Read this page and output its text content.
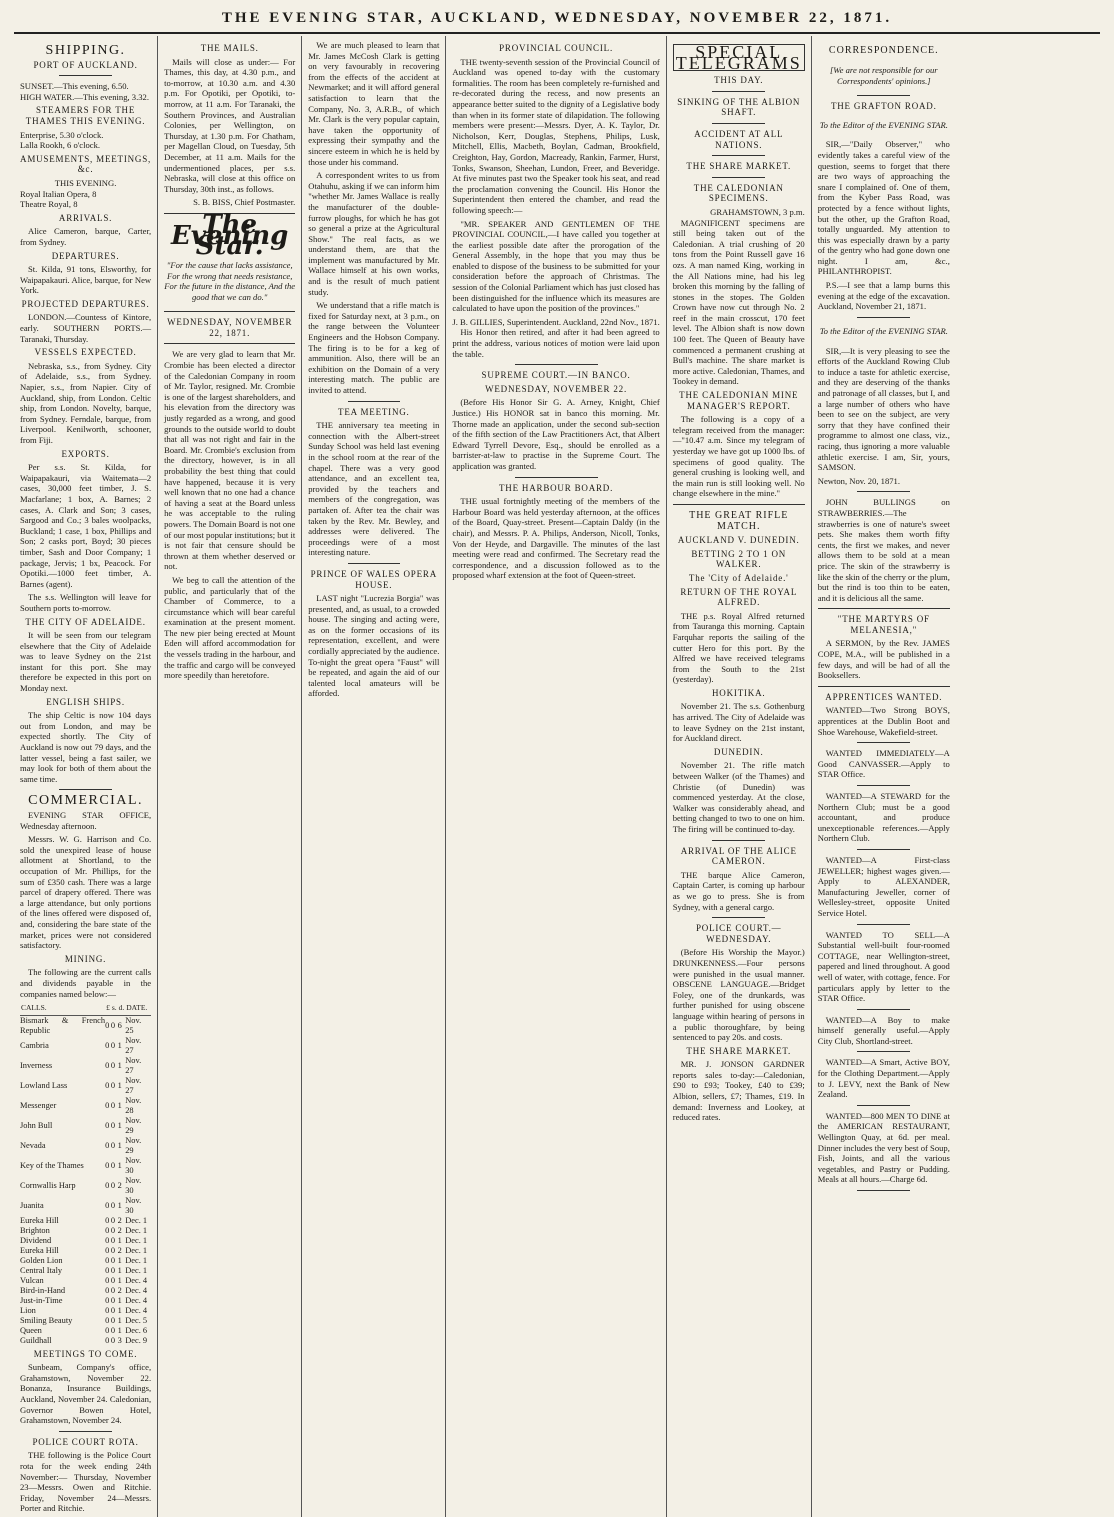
THE EVENING STAR, AUCKLAND, WEDNESDAY, NOVEMBER 22, 1871.
SHIPPING.
PORT OF AUCKLAND.

SUNSET.—This evening, 6.50.

HIGH WATER.—This evening, 3.32.

STEAMERS FOR THE THAMES THIS EVENING.

Enterprise, 5.30 o'clock.

Lalla Rookh, 6 o'clock.

AMUSEMENTS, MEETINGS, &c.

THIS EVENING.

Royal Italian Opera, 8

Theatre Royal, 8

ARRIVALS.

Alice Cameron, barque, Carter, from Sydney.

DEPARTURES.

St. Kilda, 91 tons, Elsworthy, for Waipapakauri. Alice, barque, for New York.

PROJECTED DEPARTURES.

LONDON.—Countess of Kintore, early. SOUTHERN PORTS.—Taranaki, Thursday.

VESSELS EXPECTED.

Nebraska, s.s., from Sydney. City of Adelaide, s.s., from Sydney. Napier, s.s., from Napier. City of Auckland, ship, from London. Celtic ship, from London. Novelty, barque, from Sydney. Ferndale, barque, from Liverpool. Kenilworth, schooner, from Fiji.

EXPORTS.

Per s.s. St. Kilda, for Waipapakauri, via Waitemata—2 cases, 30,000 feet timber, J. S. Macfarlane; 1 box, A. Barnes; 2 cases, A. Clark and Son; 3 cases, Sargood and Co.; 3 bales woolpacks, Buckland; 1 case, 1 box, Phillips and Son; 2 casks port, Boyd; 30 pieces timber, Sash and Door Company; 1 package, Jervis; 1 bx, Peacock. For Opotiki.—1000 feet timber, A. Barnes (agent).

The s.s. Wellington will leave for Southern ports to-morrow.

THE CITY OF ADELAIDE.

It will be seen from our telegram elsewhere that the City of Adelaide was to leave Sydney on the 21st instant for this port. She may therefore be expected in this port on Monday next.

ENGLISH SHIPS.

The ship Celtic is now 104 days out from London, and may be expected shortly. The City of Auckland is now out 79 days, and the latter vessel, being a fast sailer, we may look for both of them about the same time.

COMMERCIAL.

EVENING STAR OFFICE, Wednesday afternoon.

Messrs. W. G. Harrison and Co. sold the unexpired lease of house allotment at Shortland, to the occupation of Mr. Phillips, for the sum of £350 cash. There was a large parcel of drapery offered. There was a large attendance, but only portions of the lines offered were disposed of, and, considering the bare state of the market, prices were not considered satisfactory.

MINING.

The following are the current calls and dividends payable in the companies named below:—

CALLS.	£	s.	d.	DATE.
Bismark & French Republic	0	0	6	Nov. 25
Cambria	0	0	1	Nov. 27
Inverness	0	0	1	Nov. 27
Lowland Lass	0	0	1	Nov. 27
Messenger	0	0	1	Nov. 28
John Bull	0	0	1	Nov. 29
Nevada	0	0	1	Nov. 29
Key of the Thames	0	0	1	Nov. 30
Cornwallis Harp	0	0	2	Nov. 30
Juanita	0	0	1	Nov. 30
Eureka Hill	0	0	2	Dec. 1
Brighton	0	0	2	Dec. 1
Dividend	0	0	1	Dec. 1
Eureka Hill	0	0	2	Dec. 1
Golden Lion	0	0	1	Dec. 1
Central Italy	0	0	1	Dec. 1
Vulcan	0	0	1	Dec. 4
Bird-in-Hand	0	0	2	Dec. 4
Just-in-Time	0	0	1	Dec. 4
Lion	0	0	1	Dec. 4
Smiling Beauty	0	0	1	Dec. 5
Queen	0	0	1	Dec. 6
Guildhall	0	0	3	Dec. 9
MEETINGS TO COME.

Sunbeam, Company's office, Grahamstown, November 22. Bonanza, Insurance Buildings, Auckland, November 24. Caledonian, Governor Bowen Hotel, Grahamstown, November 24.

POLICE COURT ROTA.

THE following is the Police Court rota for the week ending 24th November:— Thursday, November 23—Messrs. Owen and Ritchie. Friday, November 24—Messrs. Porter and Ritchie.

THE MAILS.

Mails will close as under:— For Thames, this day, at 4.30 p.m., and to-morrow, at 10.30 a.m. and 4.30 p.m. For Opotiki, per Opotiki, to-morrow, at 11 a.m. For Taranaki, the Southern Provinces, and Australian Colonies, per Wellington, on Thursday, at 1.30 p.m. For Chatham, per Magellan Cloud, on Tuesday, 5th December, at 11 a.m. Mails for the undermentioned places, per s.s. Nebraska, will close at this office on Thursday, 30th inst., as follows.

S. B. BISS, Chief Postmaster.

The Evening Star.

"For the cause that lacks assistance, For the wrong that needs resistance, For the future in the distance, And the good that we can do."

WEDNESDAY, NOVEMBER 22, 1871.

We are very glad to learn that Mr. Crombie has been elected a director of the Caledonian Company in room of Mr. Taylor, resigned. Mr. Crombie is one of the largest shareholders, and his elevation from the directory was justly regarded as a wrong, and good grounds to the outside world to doubt that all was not right and fair in the Board. Mr. Crombie's exclusion from the directory, however, is in all probability the best thing that could have happened, because it is very well known that no one had a chance of having a seat at the Board unless he was acceptable to the ruling powers. The Domain Board is not one of our most popular institutions; but it is not fair that censure should be thrown at them whether deserved or not.

We beg to call the attention of the public, and particularly that of the Chamber of Commerce, to a circumstance which will bear careful examination at the present moment. The new pier being erected at Mount Eden will afford accommodation for the vessels trading in the harbour, and the traffic and cargo will be conveyed more speedily than heretofore.

We are much pleased to learn that Mr. James McCosh Clark is getting on very favourably in recovering from the effects of the accident at Newmarket; and it will afford general satisfaction to learn that the Company, No. 3, A.R.B., of which Mr. Clark is the very popular captain, have taken the opportunity of expressing their sympathy and the sincere esteem in which he is held by those under his command.

A correspondent writes to us from Otahuhu, asking if we can inform him "whether Mr. James Wallace is really the manufacturer of the double-furrow ploughs, for which he has got so general a prize at the Agricultural Show." The real facts, as we understand them, are that the implement was manufactured by Mr. Wallace himself at his own works, and is the result of much patient study.

We understand that a rifle match is fixed for Saturday next, at 3 p.m., on the range between the Volunteer Engineers and the Hobson Company. The firing is to be for a keg of ammunition. Also, there will be an exhibition on the Domain of a very interesting match. The public are invited to attend.

TEA MEETING.

THE anniversary tea meeting in connection with the Albert-street Sunday School was held last evening in the school room at the rear of the chapel. There was a very good attendance, and an excellent tea, provided by the teachers and members of the congregation, was partaken of. After tea the chair was taken by the Rev. Mr. Bewley, and addresses were delivered. The proceedings were of a most interesting nature.

PRINCE OF WALES OPERA HOUSE.

LAST night "Lucrezia Borgia" was presented, and, as usual, to a crowded house. The singing and acting were, as on the former occasions of its representation, excellent, and were cordially appreciated by the audience. To-night the great opera "Faust" will be repeated, and again the aid of our talented local amateurs will be afforded.

PROVINCIAL COUNCIL.

THE twenty-seventh session of the Provincial Council of Auckland was opened to-day with the customary formalities. The room has been completely re-furnished and re-decorated during the recess, and now presents an appearance better suited to the dignity of a Legislative body than when in its former state of dilapidation. The following members were present:—Messrs. Dyer, A. K. Taylor, Dr. Nicholson, Kerr, Douglas, Stephens, Philips, Lusk, Mitchell, Ellis, Macbeth, Boylan, Cadman, Brookfield, Creighton, Hay, Gordon, Macready, Rankin, Farmer, Hurst, Tonks, Swanson, Sheehan, Lundon, Freer, and Beveridge. At five minutes past two the Speaker took his seat, and read the proclamation convening the Council. His Honor the Superintendent then entered the chamber, and read the following speech:—

"MR. SPEAKER AND GENTLEMEN OF THE PROVINCIAL COUNCIL,—I have called you together at the earliest possible date after the prorogation of the General Assembly, in the hope that you may thus be enabled to dispose of the business to be submitted for your consideration before the approach of Christmas. The session of the Colonial Parliament which has just closed has been distinguished for the influence which its measures are calculated to have upon the position of the provinces."

J. B. GILLIES, Superintendent. Auckland, 22nd Nov., 1871.

His Honor then retired, and after it had been agreed to print the address, various notices of motion were laid upon the table.

SUPREME COURT.—IN BANCO.
WEDNESDAY, NOVEMBER 22.

(Before His Honor Sir G. A. Arney, Knight, Chief Justice.) His HONOR sat in banco this morning. Mr. Thorne made an application, under the second sub-section of the fifth section of the Law Practitioners Act, that Albert Edward Tyrrell Devore, Esq., should be enrolled as a barrister-at-law to practise in the Supreme Court. The application was granted.

THE HARBOUR BOARD.

THE usual fortnightly meeting of the members of the Harbour Board was held yesterday afternoon, at the offices of the Board, Quay-street. Present—Captain Daldy (in the chair), and Messrs. P. A. Philips, Anderson, Nicoll, Tonks, Von der Heyde, and Dargaville. The minutes of the last meeting were read and confirmed. The Secretary read the correspondence, and a discussion followed as to the proposed wharf extension at the foot of Queen-street.

SPECIAL TELEGRAMS
THIS DAY.
SINKING OF THE ALBION SHAFT.
ACCIDENT AT ALL NATIONS.
THE SHARE MARKET.
THE CALEDONIAN SPECIMENS.

GRAHAMSTOWN, 3 p.m.

MAGNIFICENT specimens are still being taken out of the Caledonian. A trial crushing of 20 tons from the Point Russell gave 16 ozs. A man named King, working in the All Nations mine, had his leg broken this morning by the falling of stones in the stopes. The Golden Crown have now cut through No. 2 reef in the main crosscut, 170 feet level. The Albion shaft is now down 100 feet. The Queen of Beauty have commenced a permanent crushing at Bull's machine. The share market is more active. Caledonian, Thames, and Tookey in demand.

THE CALEDONIAN MINE MANAGER'S REPORT.

The following is a copy of a telegram received from the manager:—"10.47 a.m. Since my telegram of yesterday we have got up 1000 lbs. of specimens of good quality. The general crushing is looking well, and the main run is still looking well. No change elsewhere in the mine."

THE GREAT RIFLE MATCH.
AUCKLAND V. DUNEDIN.
BETTING 2 TO 1 ON WALKER.
The 'City of Adelaide.'
RETURN OF THE ROYAL ALFRED.

THE p.s. Royal Alfred returned from Tauranga this morning. Captain Farquhar reports the sailing of the cutter Hero for this port. By the Alfred we have received telegrams from the South to the 21st (yesterday).

HOKITIKA.

November 21. The s.s. Gothenburg has arrived. The City of Adelaide was to leave Sydney on the 21st instant, for Auckland direct.

DUNEDIN.

November 21. The rifle match between Walker (of the Thames) and Christie (of Dunedin) was commenced yesterday. At the close, Walker was considerably ahead, and betting changed to two to one on him. The firing will be continued to-day.

ARRIVAL OF THE ALICE CAMERON.

THE barque Alice Cameron, Captain Carter, is coming up harbour as we go to press. She is from Sydney, with a general cargo.

POLICE COURT.—WEDNESDAY.

(Before His Worship the Mayor.) DRUNKENNESS.—Four persons were punished in the usual manner. OBSCENE LANGUAGE.—Bridget Foley, one of the drunkards, was further punished for using obscene language within hearing of persons in a public thoroughfare, by being sentenced to pay 20s. and costs.

THE SHARE MARKET.

MR. J. JONSON GARDNER reports sales to-day:—Caledonian, £90 to £93; Tookey, £40 to £39; Albion, sellers, £7; Thames, £19. In demand: Inverness and Lookey, at reduced rates.

CORRESPONDENCE.

[We are not responsible for our Correspondents' opinions.]

THE GRAFTON ROAD.

To the Editor of the EVENING STAR.

SIR,—"Daily Observer," who evidently takes a careful view of the question, seems to forget that there are two ways of approaching the snare I complained of. One of them, from the Kyber Pass Road, was protected by a fence without lights, but the other, up the Grafton Road, totally unguarded. My attention to this was especially drawn by a party of the gentry who had gone down one night. I am, &c., PHILANTHROPIST.

P.S.—I see that a lamp burns this evening at the edge of the excavation. Auckland, November 21, 1871.

To the Editor of the EVENING STAR.

SIR,—It is very pleasing to see the efforts of the Auckland Rowing Club to induce a taste for athletic exercise, and they are deserving of the thanks and patronage of all classes, but I, and a large number of others who have been to see on the subject, are very sorry that they have confined their programme to almost one class, viz., racing, thus ignoring a more valuable athletic exercise. I am, Sir, yours, SAMSON.

Newton, Nov. 20, 1871.

JOHN BULLINGS on STRAWBERRIES.—The strawberries is one of nature's sweet pets. She makes them worth fifty cents, the first we makes, and never allows them to be sold at a mean price. The skin of the strawberry is like the skin of the cherry or the plum, but the rind is too thin to be eaten, and it is delicious all the same.

"THE MARTYRS OF MELANESIA,"

A SERMON, by the Rev. JAMES COPE, M.A., will be published in a few days, and will be had of all the Booksellers.

APPRENTICES WANTED.

WANTED—Two Strong BOYS, apprentices at the Dublin Boot and Shoe Warehouse, Wakefield-street.

WANTED IMMEDIATELY—A Good CANVASSER.—Apply to STAR Office.

WANTED—A STEWARD for the Northern Club; must be a good accountant, and produce unexceptionable references.—Apply Northern Club.

WANTED—A First-class JEWELLER; highest wages given.—Apply to ALEXANDER, Manufacturing Jeweller, corner of Wellesley-street, opposite United Service Hotel.

WANTED TO SELL—A Substantial well-built four-roomed COTTAGE, near Wellington-street, papered and lined throughout. A good well of water, with cottage, fence. For particulars apply by letter to the STAR Office.

WANTED—A Boy to make himself generally useful.—Apply City Club, Shortland-street.

WANTED—A Smart, Active BOY, for the Clothing Department.—Apply to J. LEVY, next the Bank of New Zealand.

WANTED—800 MEN TO DINE at the AMERICAN RESTAURANT, Wellington Quay, at 6d. per meal. Dinner includes the very best of Soup, Fish, Joints, and all the various vegetables, and Pastry or Pudding. Meals at all hours.—Charge 6d.
